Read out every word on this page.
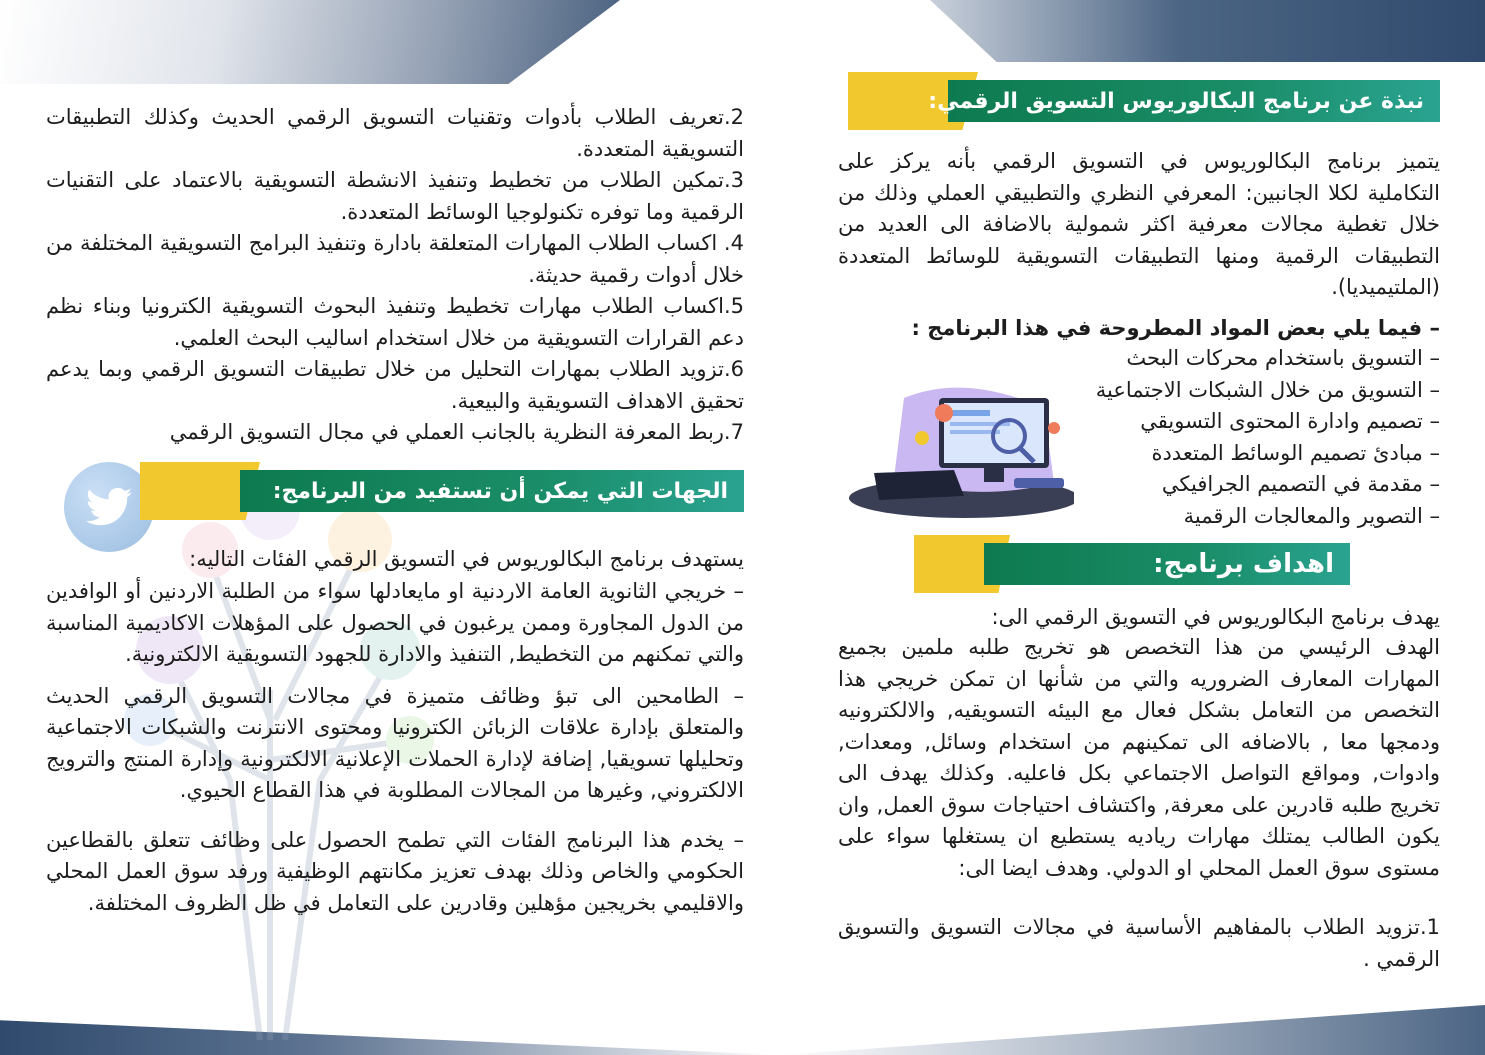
نبذة عن برنامج البكالوريوس التسويق الرقمي:
يتميز برنامج البكالوريوس في التسويق الرقمي بأنه يركز على التكاملية لكلا الجانبين: المعرفي النظري والتطبيقي العملي وذلك من خلال تغطية مجالات معرفية اكثر شمولية بالاضافة الى العديد من التطبيقات الرقمية ومنها التطبيقات التسويقية للوسائط المتعددة (الملتيميديا).
– فيما يلي بعض المواد المطروحة في هذا البرنامج :
– التسويق باستخدام محركات البحث
– التسويق من خلال الشبكات الاجتماعية
– تصميم وادارة المحتوى التسويقي
– مبادئ تصميم الوسائط المتعددة
– مقدمة في التصميم الجرافيكي
– التصوير والمعالجات الرقمية
اهداف برنامج:
يهدف برنامج البكالوريوس في التسويق الرقمي الى:
الهدف الرئيسي من هذا التخصص هو تخريج طلبه ملمين بجميع المهارات المعارف الضروريه والتي من شأنها ان تمكن خريجي هذا التخصص من التعامل بشكل فعال مع البيئه التسويقيه, والالكترونيه ودمجها معا , بالاضافه الى تمكينهم من استخدام وسائل, ومعدات, وادوات, ومواقع التواصل الاجتماعي بكل فاعليه. وكذلك يهدف الى تخريج طلبه قادرين على معرفة, واكتشاف احتياجات سوق العمل, وان يكون الطالب يمتلك مهارات رياديه يستطيع ان يستغلها سواء على مستوى سوق العمل المحلي او الدولي. وهدف ايضا الى:
1.تزويد الطلاب بالمفاهيم الأساسية في مجالات التسويق والتسويق الرقمي .
2.تعريف الطلاب بأدوات وتقنيات التسويق الرقمي الحديث وكذلك التطبيقات التسويقية المتعددة.
3.تمكين الطلاب من تخطيط وتنفيذ الانشطة التسويقية بالاعتماد على التقنيات الرقمية وما توفره تكنولوجيا الوسائط المتعددة.
4. اكساب الطلاب المهارات المتعلقة بادارة وتنفيذ البرامج التسويقية المختلفة من خلال أدوات رقمية حديثة.
5.اكساب الطلاب مهارات تخطيط وتنفيذ البحوث التسويقية الكترونيا وبناء نظم دعم القرارات التسويقية من خلال استخدام اساليب البحث العلمي.
6.تزويد الطلاب بمهارات التحليل من خلال تطبيقات التسويق الرقمي وبما يدعم تحقيق الاهداف التسويقية والبيعية.
7.ربط المعرفة النظرية بالجانب العملي في مجال التسويق الرقمي
الجهات التي يمكن أن تستفيد من البرنامج:
يستهدف برنامج البكالوريوس في التسويق الرقمي الفئات التاليه:
– خريجي الثانوية العامة الاردنية او مايعادلها سواء من الطلبة الاردنين أو الوافدين من الدول المجاورة وممن يرغبون في الحصول على المؤهلات الاكاديمية المناسبة والتي تمكنهم من التخطيط, التنفيذ والادارة للجهود التسويقية الالكترونية.
– الطامحين الى تبؤ وظائف متميزة في مجالات التسويق الرقمي الحديث والمتعلق بإدارة علاقات الزبائن الكترونيا ومحتوى الانترنت والشبكات الاجتماعية وتحليلها تسويقيا, إضافة لإدارة الحملات الإعلانية الالكترونية وإدارة المنتج والترويج الالكتروني, وغيرها من المجالات المطلوبة في هذا القطاع الحيوي.
– يخدم هذا البرنامج الفئات التي تطمح الحصول على وظائف تتعلق بالقطاعين الحكومي والخاص وذلك بهدف تعزيز مكانتهم الوظيفية ورفد سوق العمل المحلي والاقليمي بخريجين مؤهلين وقادرين على التعامل في ظل الظروف المختلفة.
